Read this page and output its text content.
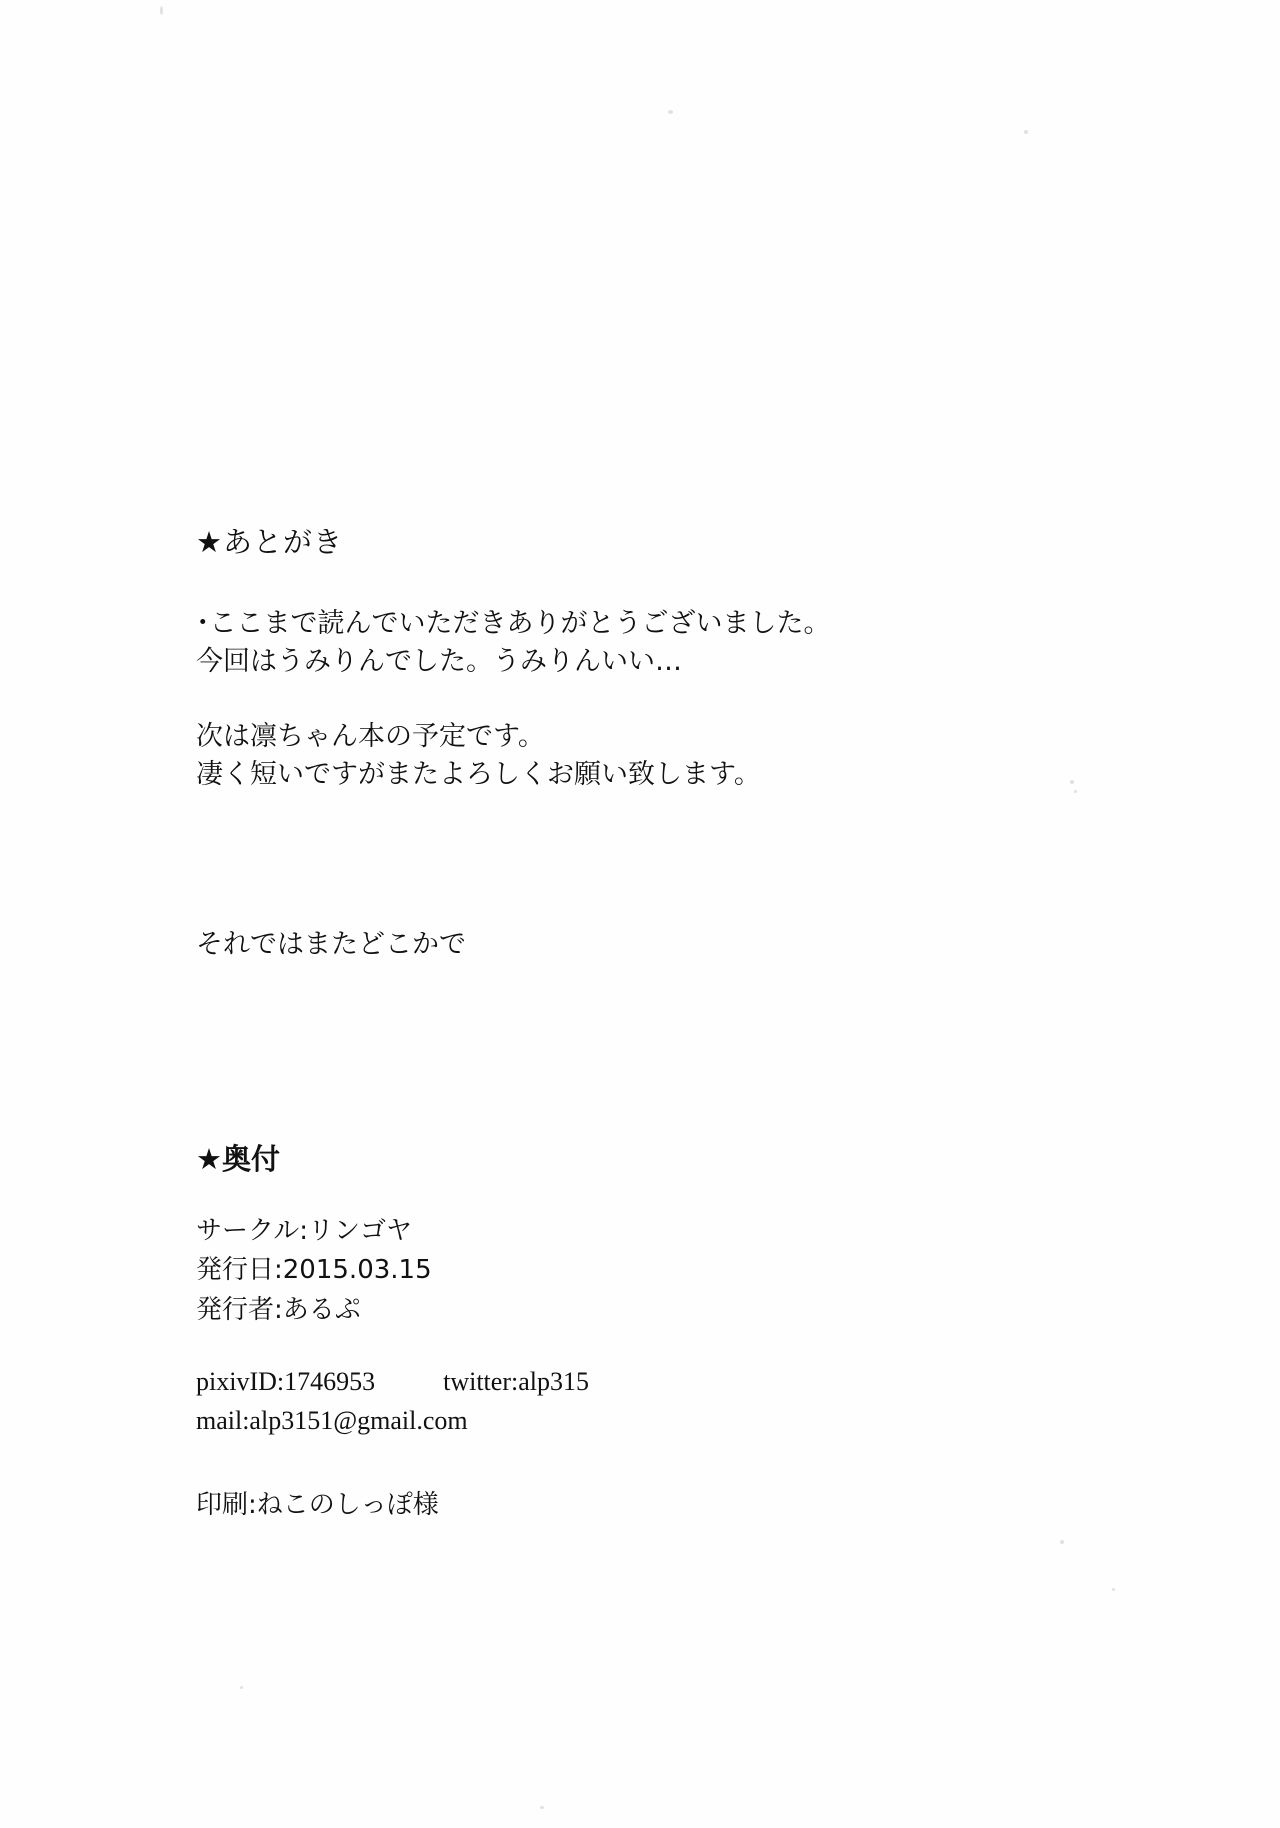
★あとがき

･ここまで読んでいただきありがとうございました。

今回はうみりんでした。うみりんいい…

次は凛ちゃん本の予定です。

凄く短いですがまたよろしくお願い致します。

それではまたどこかで

★奥付

サークル:リンゴヤ
発行日:2015.03.15
発行者:あるぷ

pixivID:1746953	twitter:alp315
mail:alp3151@gmail.com

印刷:ねこのしっぽ様
